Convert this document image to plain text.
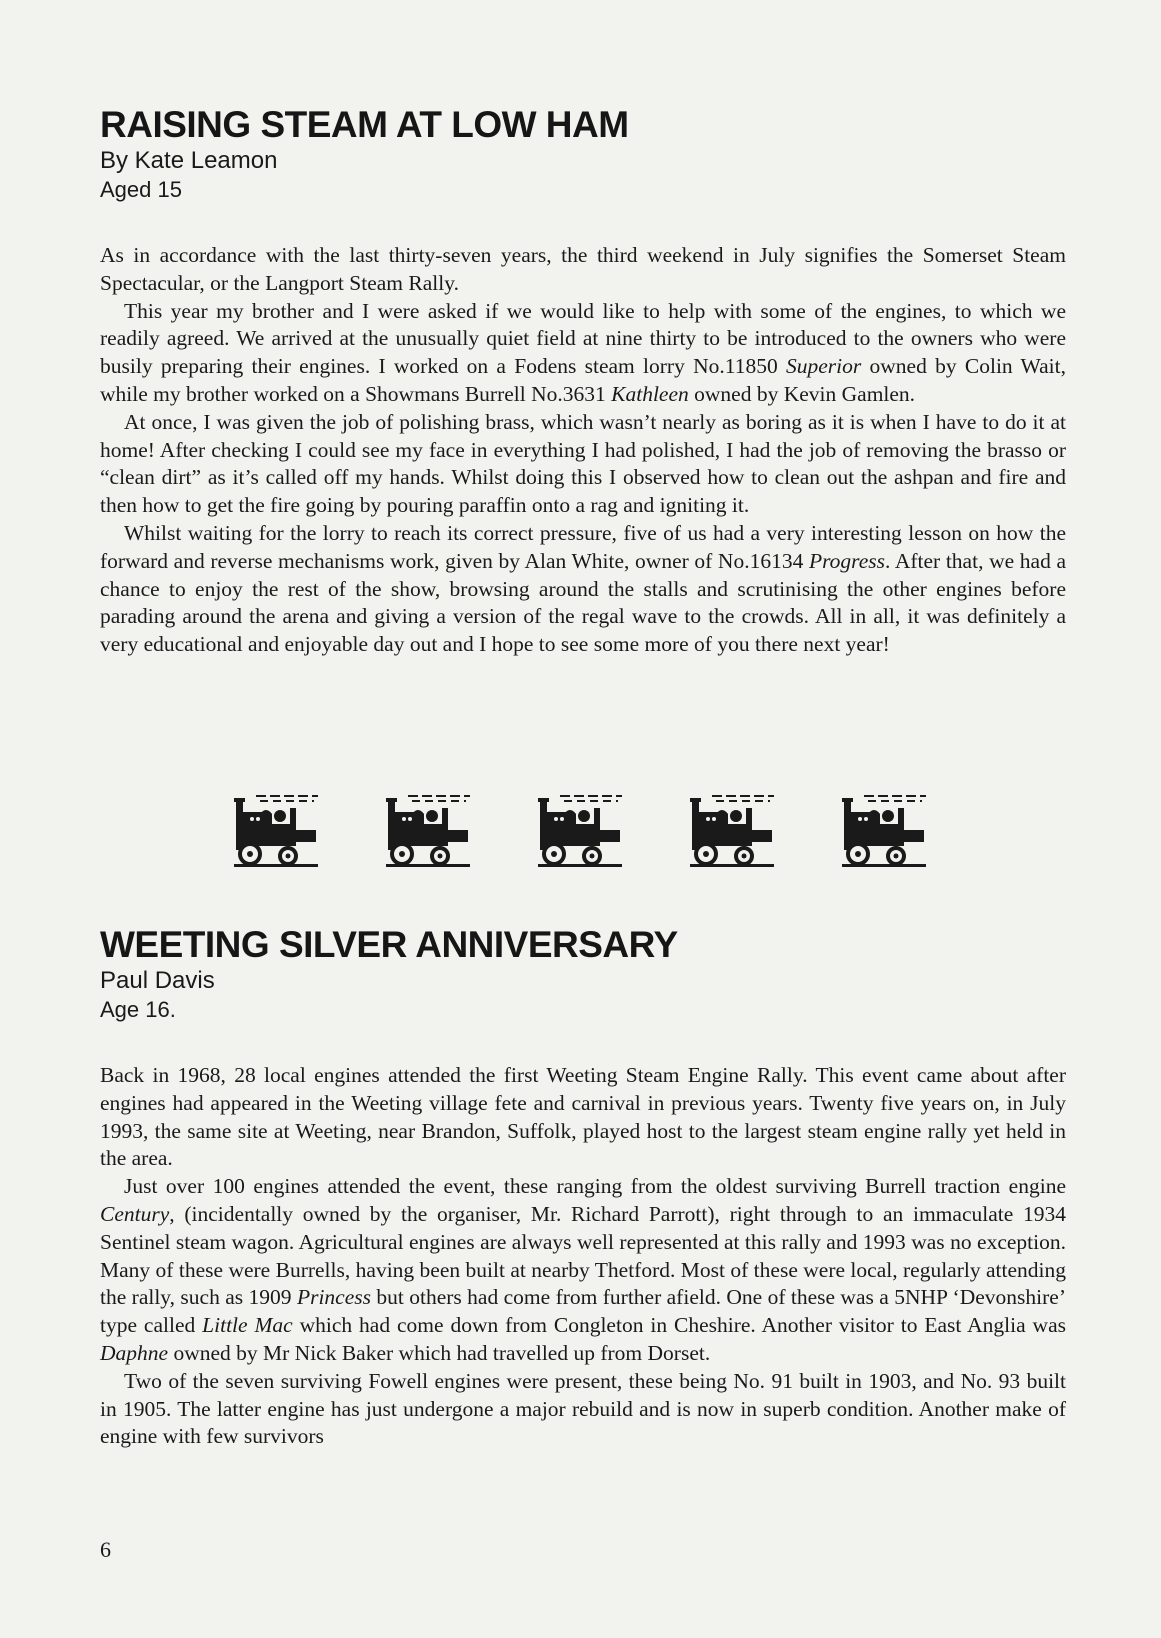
RAISING STEAM AT LOW HAM

By Kate Leamon

Aged 15

As in accordance with the last thirty-seven years, the third weekend in July signifies the Somerset Steam Spectacular, or the Langport Steam Rally.

This year my brother and I were asked if we would like to help with some of the engines, to which we readily agreed. We arrived at the unusually quiet field at nine thirty to be introduced to the owners who were busily preparing their engines. I worked on a Fodens steam lorry No.11850 Superior owned by Colin Wait, while my brother worked on a Showmans Burrell No.3631 Kathleen owned by Kevin Gamlen.

At once, I was given the job of polishing brass, which wasn’t nearly as boring as it is when I have to do it at home! After checking I could see my face in everything I had polished, I had the job of removing the brasso or “clean dirt” as it’s called off my hands. Whilst doing this I observed how to clean out the ashpan and fire and then how to get the fire going by pouring paraffin onto a rag and igniting it.

Whilst waiting for the lorry to reach its correct pressure, five of us had a very interesting lesson on how the forward and reverse mechanisms work, given by Alan White, owner of No.16134 Progress. After that, we had a chance to enjoy the rest of the show, browsing around the stalls and scrutinising the other engines before parading around the arena and giving a version of the regal wave to the crowds. All in all, it was definitely a very educational and enjoyable day out and I hope to see some more of you there next year!

WEETING SILVER ANNIVERSARY

Paul Davis

Age 16.

Back in 1968, 28 local engines attended the first Weeting Steam Engine Rally. This event came about after engines had appeared in the Weeting village fete and carnival in previous years. Twenty five years on, in July 1993, the same site at Weeting, near Brandon, Suffolk, played host to the largest steam engine rally yet held in the area.

Just over 100 engines attended the event, these ranging from the oldest surviving Burrell traction engine Century, (incidentally owned by the organiser, Mr. Richard Parrott), right through to an immaculate 1934 Sentinel steam wagon. Agricultural engines are always well represented at this rally and 1993 was no exception. Many of these were Burrells, having been built at nearby Thetford. Most of these were local, regularly attending the rally, such as 1909 Princess but others had come from further afield. One of these was a 5NHP ‘Devonshire’ type called Little Mac which had come down from Congleton in Cheshire. Another visitor to East Anglia was Daphne owned by Mr Nick Baker which had travelled up from Dorset.

Two of the seven surviving Fowell engines were present, these being No. 91 built in 1903, and No. 93 built in 1905. The latter engine has just undergone a major rebuild and is now in superb condition. Another make of engine with few survivors

6
